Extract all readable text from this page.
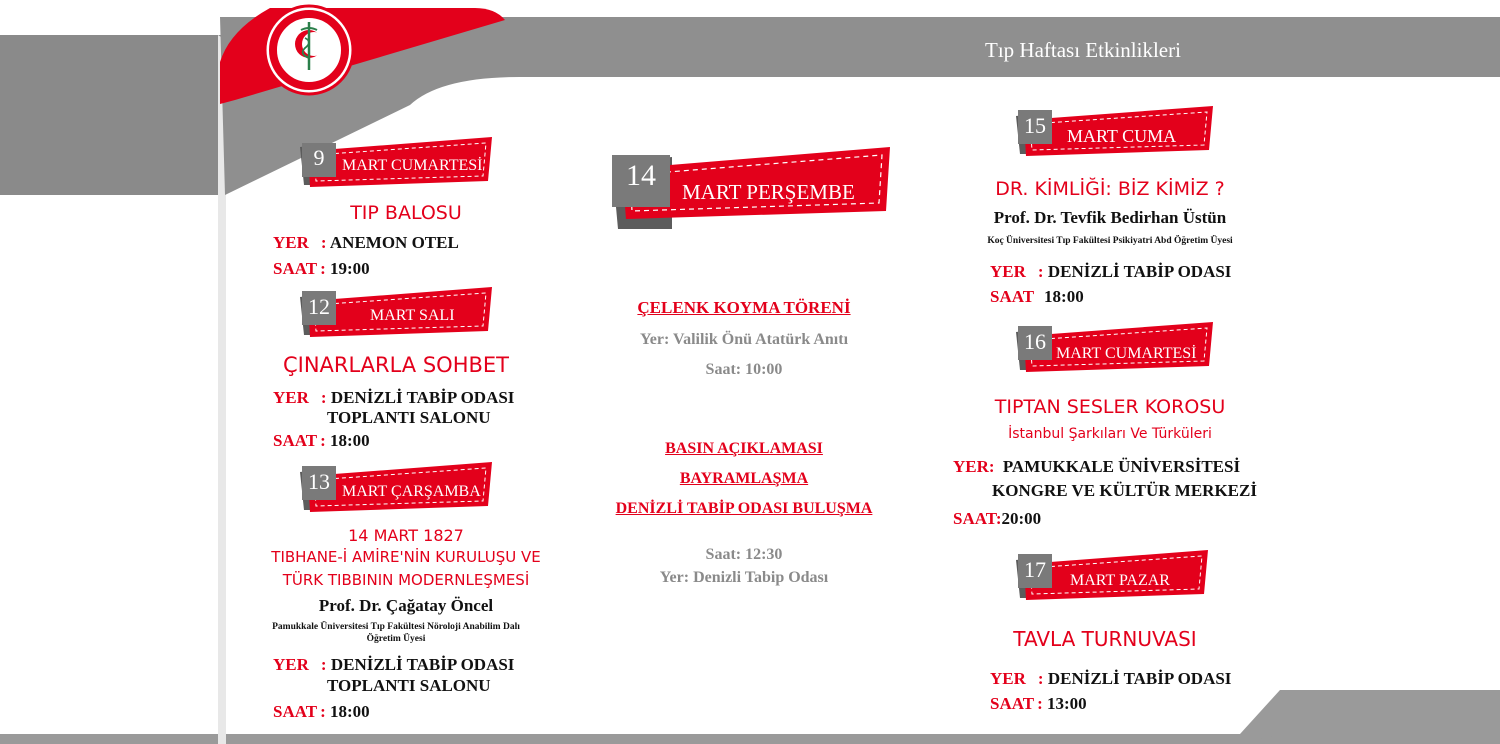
Tıp Haftası Etkinlikleri
9	MART CUMARTESİ
TIP BALOSU
YER : ANEMON OTEL
SAAT : 19:00
12	MART SALI
ÇINARLARLA SOHBET
YER : DENİZLİ TABİP ODASI
TOPLANTI SALONU
SAAT : 18:00
13 MART ÇARŞAMBA
14 MART 1827
TIBHANE-İ AMİRE'NİN KURULUŞU VE
TÜRK TIBBININ MODERNLEŞMESİ
Prof. Dr. Çağatay Öncel
Pamukkale Üniversitesi Tıp Fakültesi Nöroloji Anabilim Dalı
Öğretim Üyesi
YER : DENİZLİ TABİP ODASI
TOPLANTI SALONU
SAAT : 18:00
14	MART PERŞEMBE
ÇELENK KOYMA TÖRENİ
Yer: Valilik Önü Atatürk Anıtı
Saat: 10:00
BASIN AÇIKLAMASI
BAYRAMLAŞMA
DENİZLİ TABİP ODASI BULUŞMA
Saat: 12:30
Yer: Denizli Tabip Odası
15	MART CUMA
DR. KİMLİĞİ: BİZ KİMİZ ?
Prof. Dr. Tevfik Bedirhan Üstün
Koç Üniversitesi Tıp Fakültesi Psikiyatri Abd Öğretim Üyesi
YER : DENİZLİ TABİP ODASI
SAAT 18:00
16 MART CUMARTESİ
TIPTAN SESLER KOROSU
İstanbul Şarkıları Ve Türküleri
YER: PAMUKKALE ÜNİVERSİTESİ
KONGRE VE KÜLTÜR MERKEZİ
SAAT:20:00
17	MART PAZAR
TAVLA TURNUVASI
YER : DENİZLİ TABİP ODASI
SAAT : 13:00
